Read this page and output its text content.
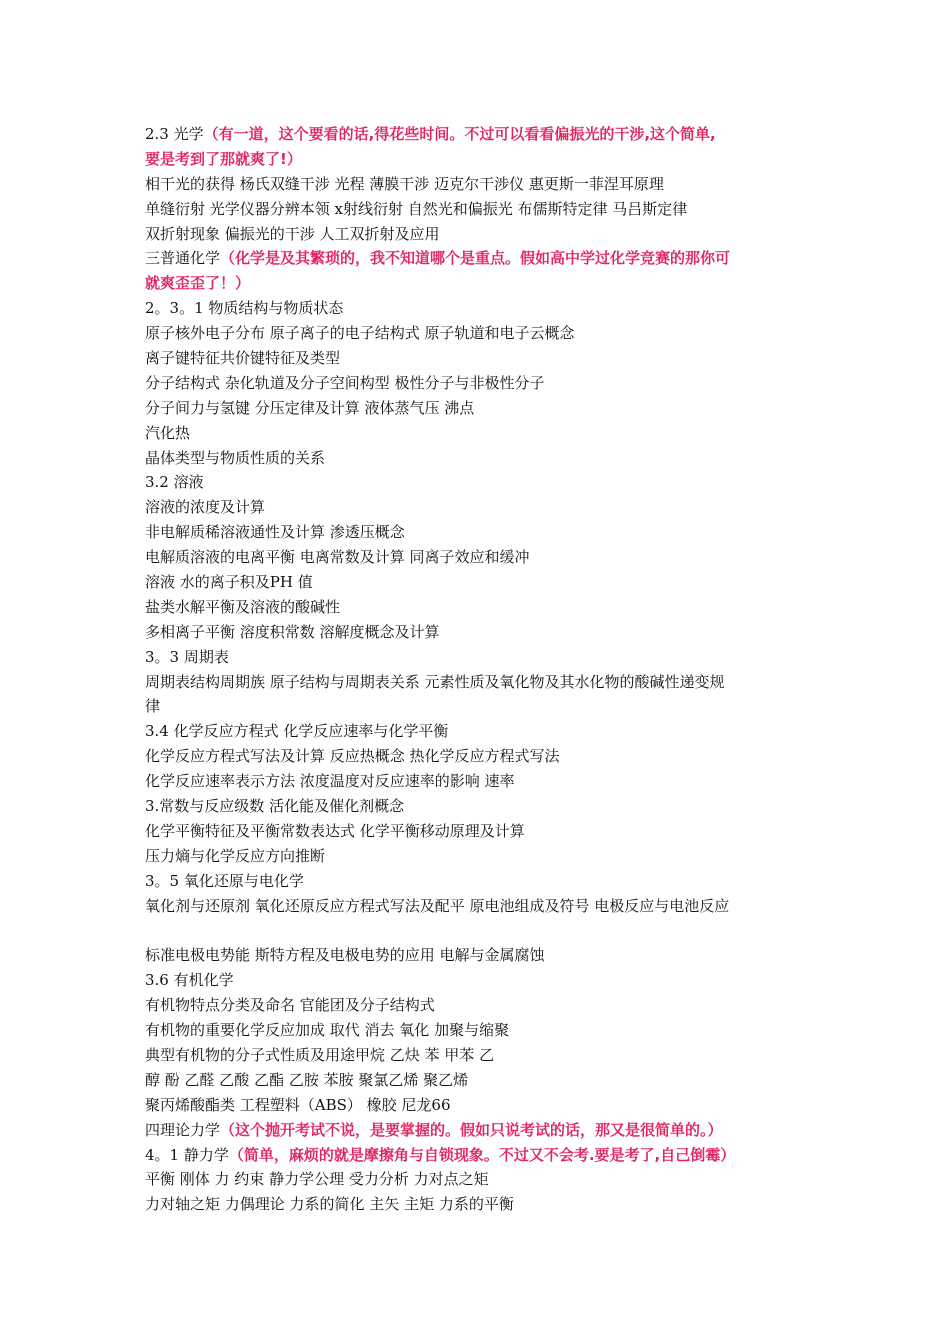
2.3 光学（有一道，这个要看的话,得花些时间。不过可以看看偏振光的干涉,这个简单,
要是考到了那就爽了!）
相干光的获得 杨氏双缝干涉 光程 薄膜干涉 迈克尔干涉仪 惠更斯一菲涅耳原理
单缝衍射 光学仪器分辨本领 x射线衍射 自然光和偏振光 布儒斯特定律 马吕斯定律
双折射现象 偏振光的干涉 人工双折射及应用
三普通化学（化学是及其繁琐的，我不知道哪个是重点。假如高中学过化学竞赛的那你可
就爽歪歪了！）
2。3。1 物质结构与物质状态
原子核外电子分布 原子离子的电子结构式 原子轨道和电子云概念
离子键特征共价键特征及类型
分子结构式 杂化轨道及分子空间构型 极性分子与非极性分子
分子间力与氢键 分压定律及计算 液体蒸气压 沸点
汽化热
晶体类型与物质性质的关系
3.2 溶液
溶液的浓度及计算
非电解质稀溶液通性及计算 渗透压概念
电解质溶液的电离平衡 电离常数及计算 同离子效应和缓冲
溶液 水的离子积及PH 值
盐类水解平衡及溶液的酸碱性
多相离子平衡 溶度积常数 溶解度概念及计算
3。3 周期表
周期表结构周期族 原子结构与周期表关系 元素性质及氧化物及其水化物的酸碱性递变规
律
3.4 化学反应方程式 化学反应速率与化学平衡
化学反应方程式写法及计算 反应热概念 热化学反应方程式写法
化学反应速率表示方法 浓度温度对反应速率的影响 速率
3.常数与反应级数 活化能及催化剂概念
化学平衡特征及平衡常数表达式 化学平衡移动原理及计算
压力熵与化学反应方向推断
3。5 氧化还原与电化学
氧化剂与还原剂 氧化还原反应方程式写法及配平 原电池组成及符号 电极反应与电池反应
标准电极电势能 斯特方程及电极电势的应用 电解与金属腐蚀
3.6 有机化学
有机物特点分类及命名 官能团及分子结构式
有机物的重要化学反应加成 取代 消去 氧化 加聚与缩聚
典型有机物的分子式性质及用途甲烷 乙炔 苯 甲苯 乙
醇 酚 乙醛 乙酸 乙酯 乙胺 苯胺 聚氯乙烯 聚乙烯
聚丙烯酸酯类 工程塑料（ABS） 橡胶 尼龙66
四理论力学（这个抛开考试不说，是要掌握的。假如只说考试的话，那又是很简单的。）
4。1 静力学（简单，麻烦的就是摩擦角与自锁现象。不过又不会考.要是考了,自己倒霉）
平衡 刚体 力 约束 静力学公理 受力分析 力对点之矩
力对轴之矩 力偶理论 力系的简化 主矢 主矩 力系的平衡
